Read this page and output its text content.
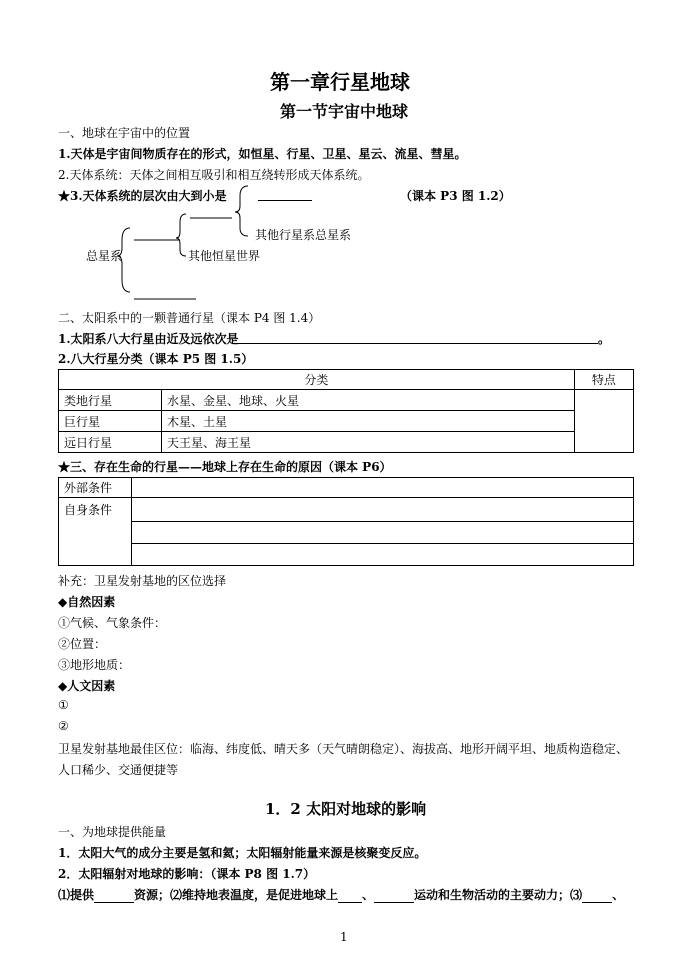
第一章行星地球
第一节宇宙中地球
一、地球在宇宙中的位置
1.天体是宇宙间物质存在的形式，如恒星、行星、卫星、星云、流星、彗星。
2.天体系统：天体之间相互吸引和相互绕转形成天体系统。
★3.天体系统的层次由大到小是	（课本 P3 图 1.2）
其他行星系总星系
其他恒星世界
总星系
二、太阳系中的一颗普通行星（课本 P4 图 1.4）
1.太阳系八大行星由近及远依次是	。
2.八大行星分类（课本 P5 图 1.5）
分类		特点
类地行星	水星、金星、地球、火星	
巨行星	木星、土星	
远日行星	天王星、海王星	
★三、存在生命的行星——地球上存在生命的原因（课本 P6）
外部条件	
自身条件	

补充：卫星发射基地的区位选择
◆自然因素
①气候、气象条件：
②位置：
③地形地质：
◆人文因素
①
②
卫星发射基地最佳区位：临海、纬度低、晴天多（天气晴朗稳定）、海拔高、地形开阔平坦、地质构造稳定、
人口稀少、交通便捷等
1．2 太阳对地球的影响
一、为地球提供能量
1．太阳大气的成分主要是氢和氦；太阳辐射能量来源是核聚变反应。
2．太阳辐射对地球的影响：（课本 P8 图 1.7）
⑴提供	资源；⑵维持地表温度，是促进地球上 、	运动和生物活动的主要动力；⑶	、
1
